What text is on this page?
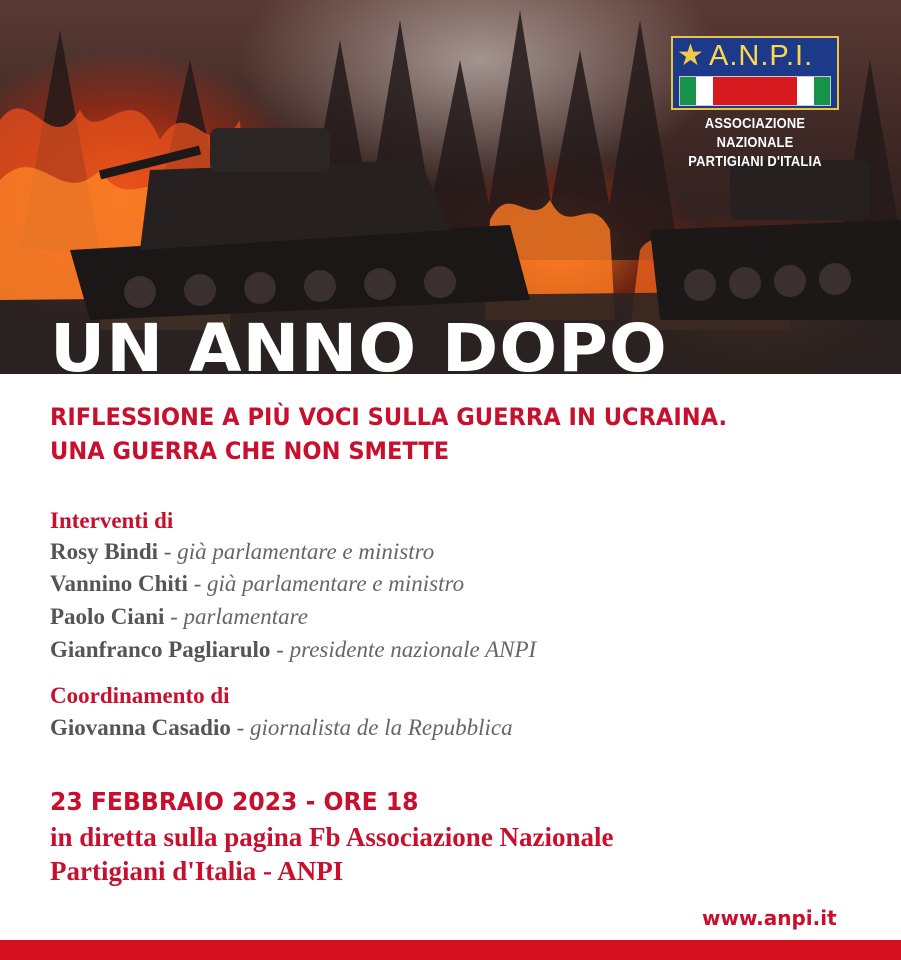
★ A.N.P.I.
ASSOCIAZIONE NAZIONALE
PARTIGIANI D'ITALIA
UN ANNO DOPO
RIFLESSIONE A PIÙ VOCI SULLA GUERRA IN UCRAINA.
UNA GUERRA CHE NON SMETTE
Interventi di
Rosy Bindi - già parlamentare e ministro
Vannino Chiti - già parlamentare e ministro
Paolo Ciani - parlamentare
Gianfranco Pagliarulo - presidente nazionale ANPI
Coordinamento di
Giovanna Casadio - giornalista de la Repubblica
23 FEBBRAIO 2023 - ORE 18
in diretta sulla pagina Fb Associazione Nazionale
Partigiani d'Italia - ANPI
www.anpi.it
